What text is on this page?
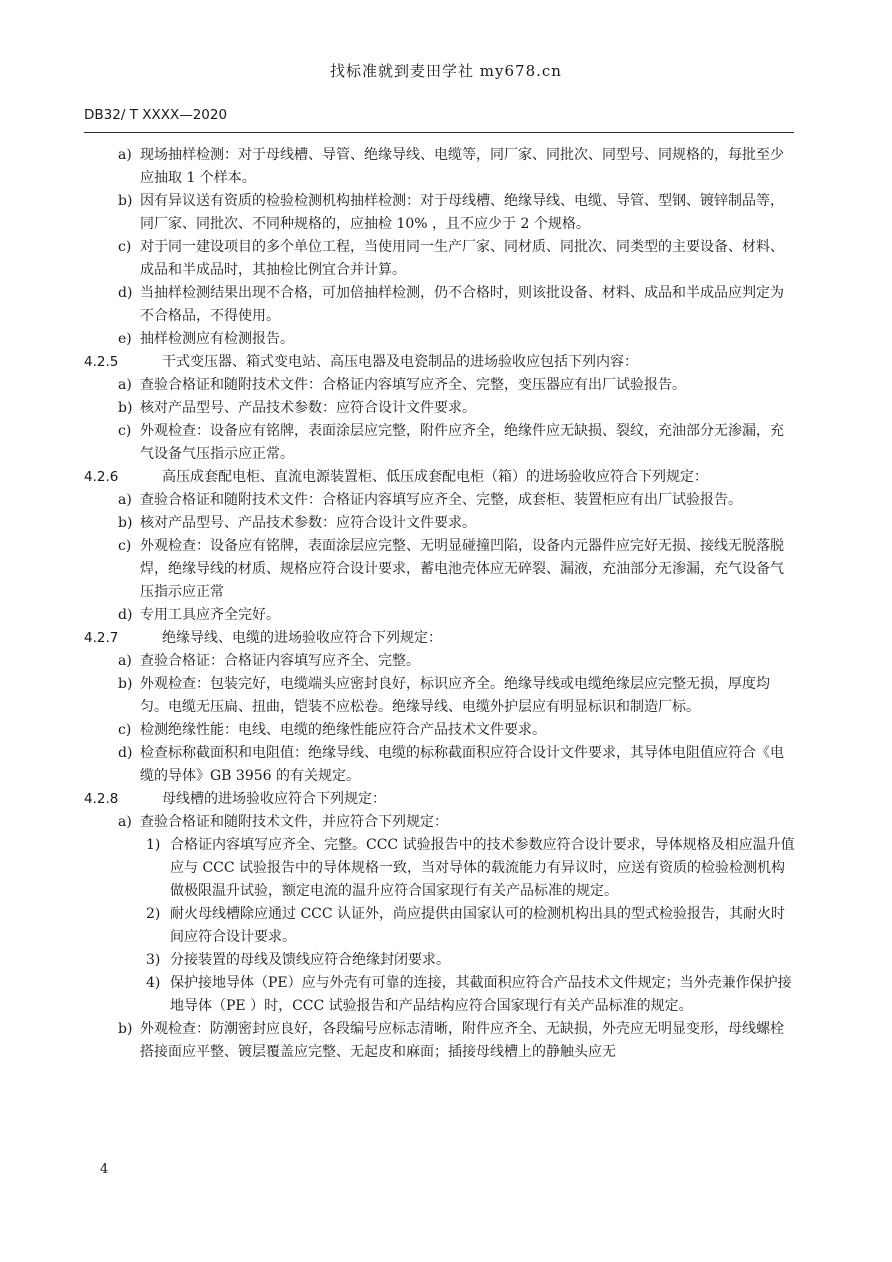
找标准就到麦田学社 my678.cn
DB32/ T XXXX—2020
a) 现场抽样检测：对于母线槽、导管、绝缘导线、电缆等，同厂家、同批次、同型号、同规格的，每批至少应抽取 1 个样本。
b) 因有异议送有资质的检验检测机构抽样检测：对于母线槽、绝缘导线、电缆、导管、型钢、镀锌制品等，同厂家、同批次、不同种规格的，应抽检 10% ，且不应少于 2 个规格。
c) 对于同一建设项目的多个单位工程，当使用同一生产厂家、同材质、同批次、同类型的主要设备、材料、成品和半成品时，其抽检比例宜合并计算。
d) 当抽样检测结果出现不合格，可加倍抽样检测，仍不合格时，则该批设备、材料、成品和半成品应判定为不合格品，不得使用。
e) 抽样检测应有检测报告。
4.2.5	干式变压器、箱式变电站、高压电器及电瓷制品的进场验收应包括下列内容：
a) 查验合格证和随附技术文件：合格证内容填写应齐全、完整，变压器应有出厂试验报告。
b) 核对产品型号、产品技术参数：应符合设计文件要求。
c) 外观检查：设备应有铭牌，表面涂层应完整，附件应齐全，绝缘件应无缺损、裂纹，充油部分无渗漏，充气设备气压指示应正常。
4.2.6	高压成套配电柜、直流电源装置柜、低压成套配电柜（箱）的进场验收应符合下列规定：
a) 查验合格证和随附技术文件：合格证内容填写应齐全、完整，成套柜、装置柜应有出厂试验报告。
b) 核对产品型号、产品技术参数：应符合设计文件要求。
c) 外观检查：设备应有铭牌，表面涂层应完整、无明显碰撞凹陷，设备内元器件应完好无损、接线无脱落脱焊，绝缘导线的材质、规格应符合设计要求，蓄电池壳体应无碎裂、漏液，充油部分无渗漏，充气设备气压指示应正常
d) 专用工具应齐全完好。
4.2.7	绝缘导线、电缆的进场验收应符合下列规定：
a) 查验合格证：合格证内容填写应齐全、完整。
b) 外观检查：包装完好，电缆端头应密封良好，标识应齐全。绝缘导线或电缆绝缘层应完整无损，厚度均匀。电缆无压扁、扭曲，铠装不应松卷。绝缘导线、电缆外护层应有明显标识和制造厂标。
c) 检测绝缘性能：电线、电缆的绝缘性能应符合产品技术文件要求。
d) 检查标称截面积和电阻值：绝缘导线、电缆的标称截面积应符合设计文件要求，其导体电阻值应符合《电缆的导体》GB 3956 的有关规定。
4.2.8	母线槽的进场验收应符合下列规定：
a) 查验合格证和随附技术文件，并应符合下列规定：
1) 合格证内容填写应齐全、完整。CCC 试验报告中的技术参数应符合设计要求，导体规格及相应温升值应与 CCC 试验报告中的导体规格一致，当对导体的载流能力有异议时，应送有资质的检验检测机构做极限温升试验，额定电流的温升应符合国家现行有关产品标准的规定。
2) 耐火母线槽除应通过 CCC 认证外，尚应提供由国家认可的检测机构出具的型式检验报告，其耐火时间应符合设计要求。
3) 分接装置的母线及馈线应符合绝缘封闭要求。
4) 保护接地导体（PE）应与外壳有可靠的连接，其截面积应符合产品技术文件规定；当外壳兼作保护接地导体（PE ）时，CCC 试验报告和产品结构应符合国家现行有关产品标准的规定。
b) 外观检查：防潮密封应良好，各段编号应标志清晰，附件应齐全、无缺损，外壳应无明显变形，母线螺栓搭接面应平整、镀层覆盖应完整、无起皮和麻面；插接母线槽上的静触头应无
4
